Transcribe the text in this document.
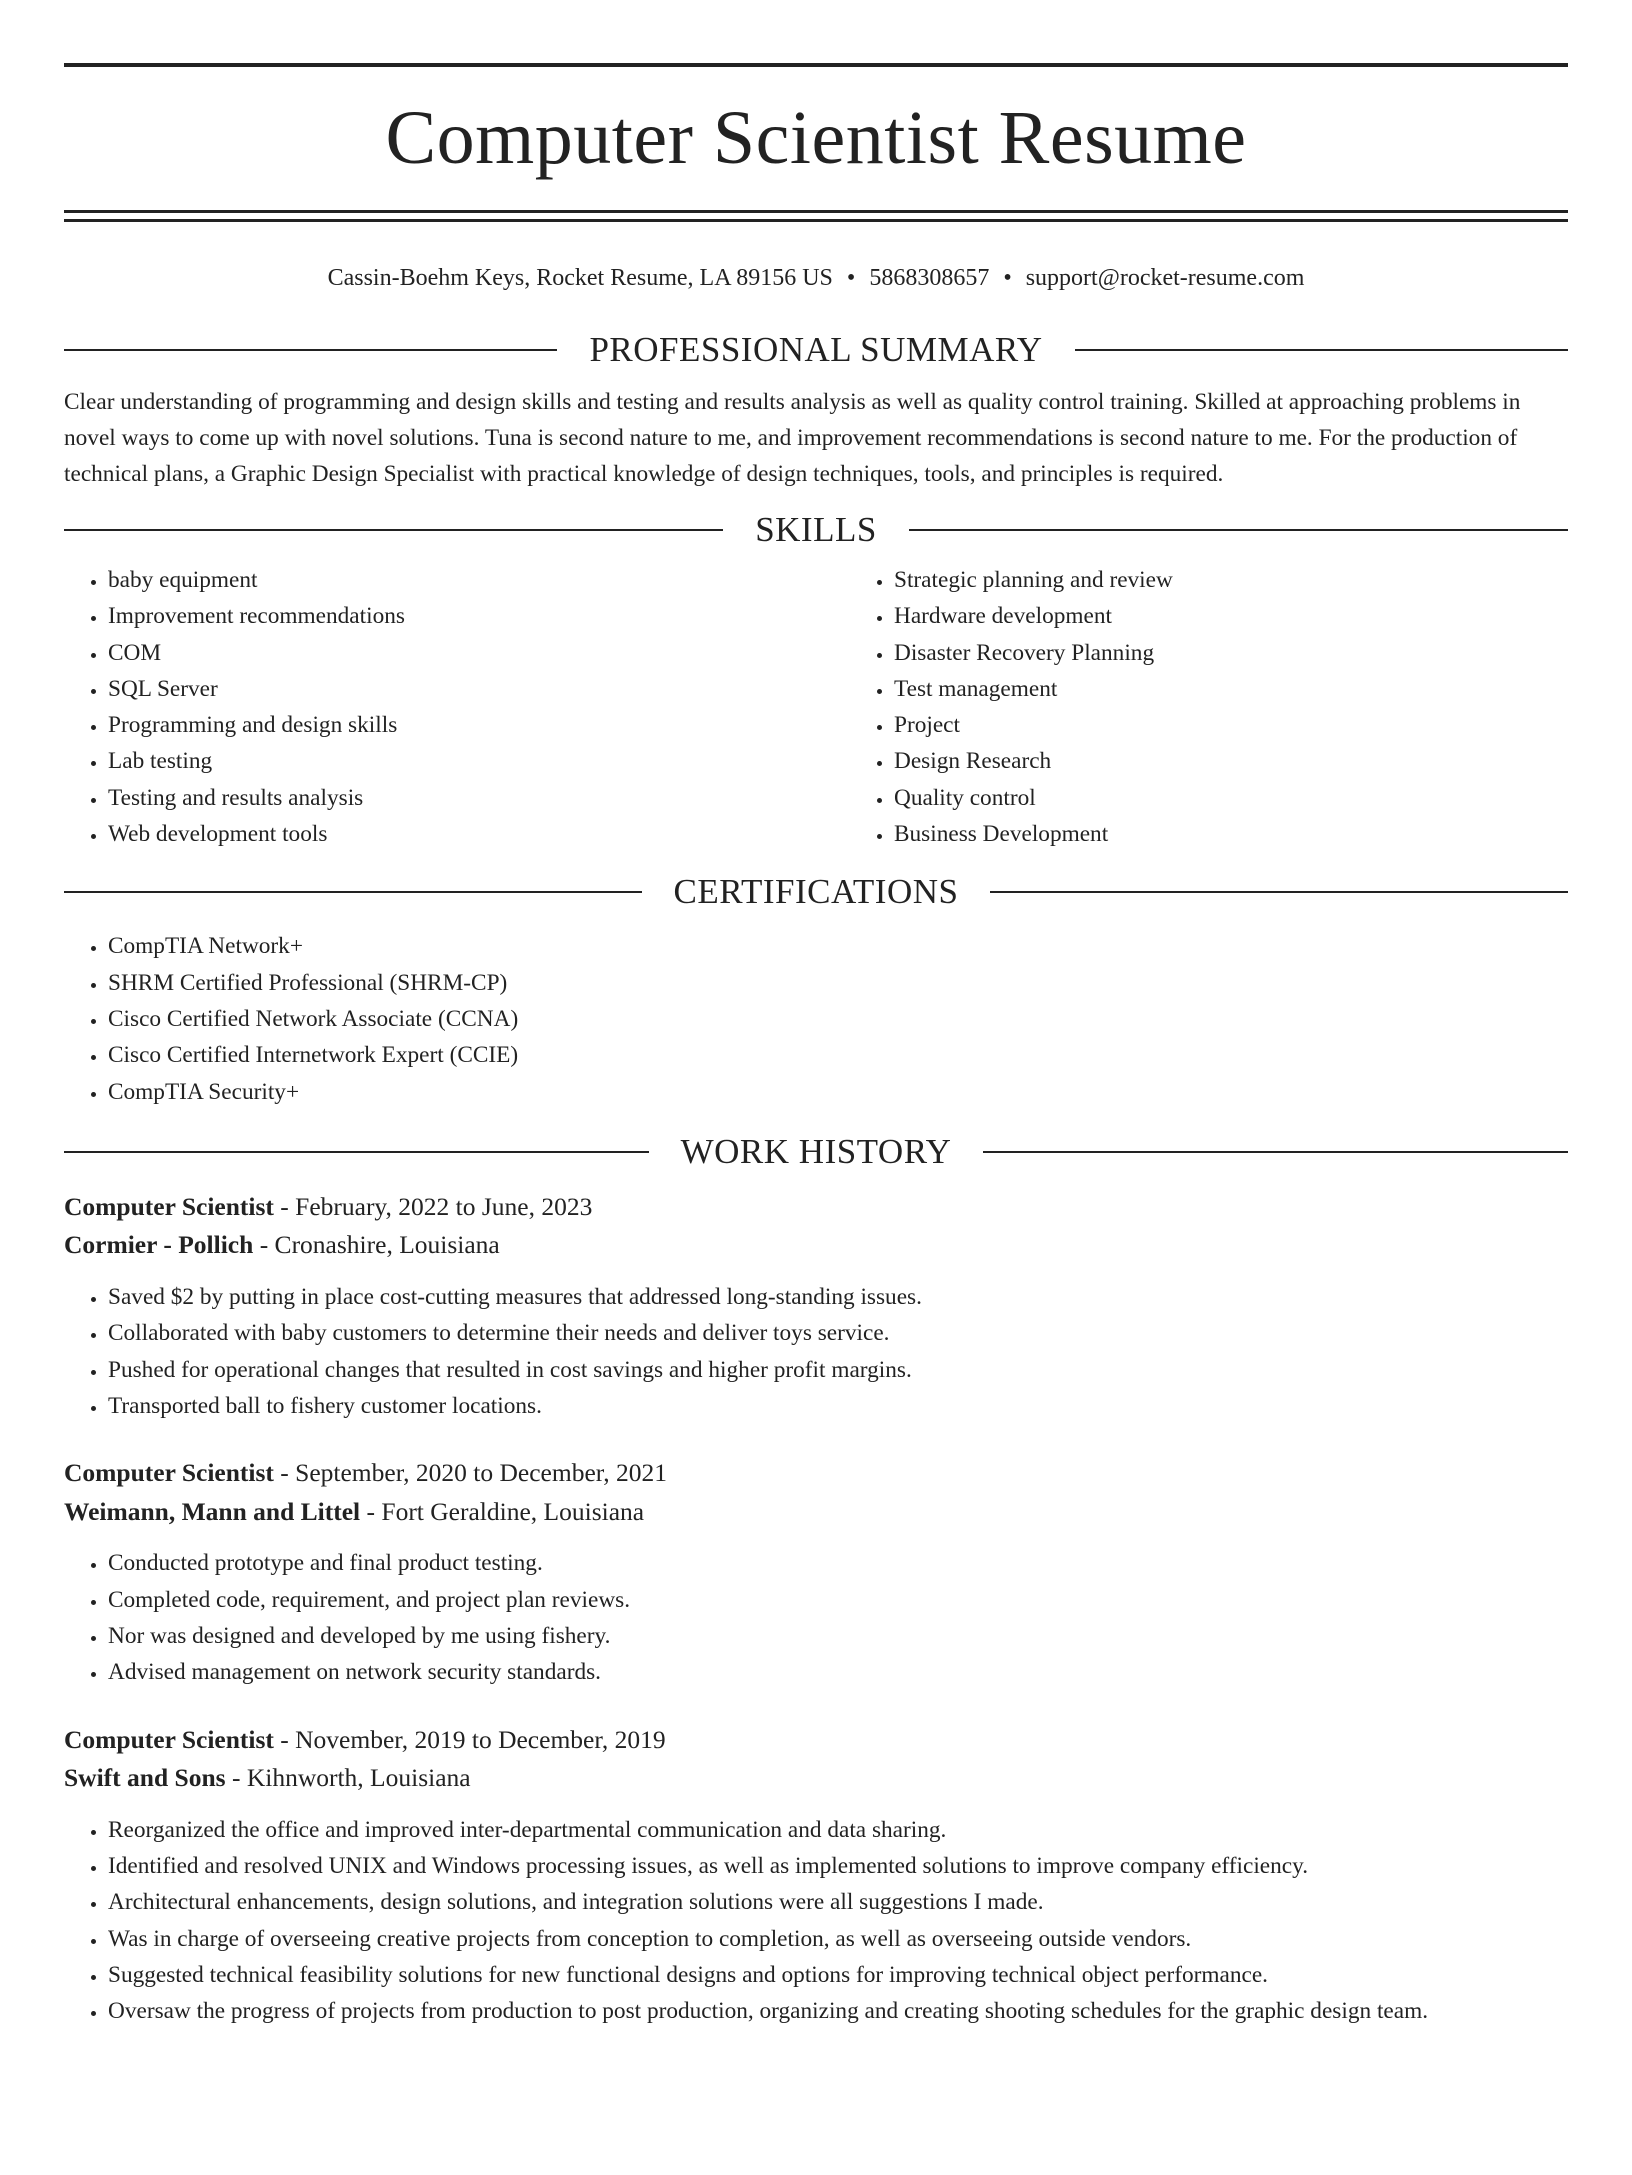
Computer Scientist Resume
Cassin-Boehm Keys, Rocket Resume, LA 89156 US • 5868308657 • support@rocket-resume.com
PROFESSIONAL SUMMARY

Clear understanding of programming and design skills and testing and results analysis as well as quality control training. Skilled at approaching problems in novel ways to come up with novel solutions. Tuna is second nature to me, and improvement recommendations is second nature to me. For the production of technical plans, a Graphic Design Specialist with practical knowledge of design techniques, tools, and principles is required.

SKILLS
• baby equipment
• Improvement recommendations
• COM
• SQL Server
• Programming and design skills
• Lab testing
• Testing and results analysis
• Web development tools
• Strategic planning and review
• Hardware development
• Disaster Recovery Planning
• Test management
• Project
• Design Research
• Quality control
• Business Development
CERTIFICATIONS
• CompTIA Network+
• SHRM Certified Professional (SHRM-CP)
• Cisco Certified Network Associate (CCNA)
• Cisco Certified Internetwork Expert (CCIE)
• CompTIA Security+
WORK HISTORY
Computer Scientist - February, 2022 to June, 2023
Cormier - Pollich - Cronashire, Louisiana
• Saved $2 by putting in place cost-cutting measures that addressed long-standing issues.
• Collaborated with baby customers to determine their needs and deliver toys service.
• Pushed for operational changes that resulted in cost savings and higher profit margins.
• Transported ball to fishery customer locations.
Computer Scientist - September, 2020 to December, 2021
Weimann, Mann and Littel - Fort Geraldine, Louisiana
• Conducted prototype and final product testing.
• Completed code, requirement, and project plan reviews.
• Nor was designed and developed by me using fishery.
• Advised management on network security standards.
Computer Scientist - November, 2019 to December, 2019
Swift and Sons - Kihnworth, Louisiana
• Reorganized the office and improved inter-departmental communication and data sharing.
• Identified and resolved UNIX and Windows processing issues, as well as implemented solutions to improve company efficiency.
• Architectural enhancements, design solutions, and integration solutions were all suggestions I made.
• Was in charge of overseeing creative projects from conception to completion, as well as overseeing outside vendors.
• Suggested technical feasibility solutions for new functional designs and options for improving technical object performance.
• Oversaw the progress of projects from production to post production, organizing and creating shooting schedules for the graphic design team.
